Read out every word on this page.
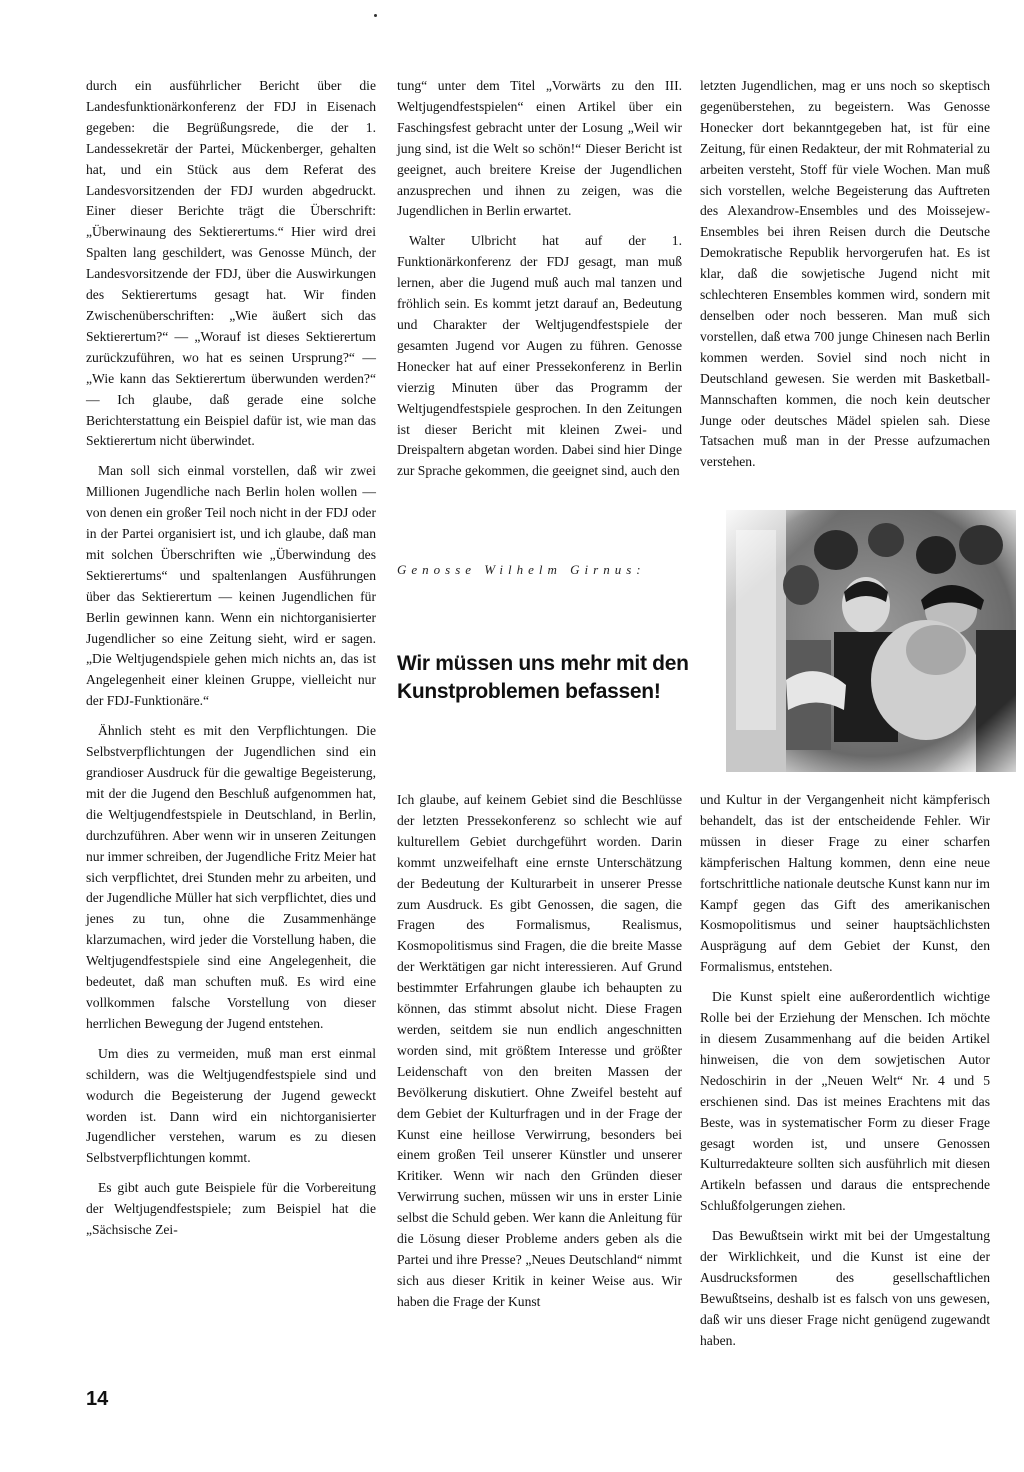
durch ein ausführlicher Bericht über die Landesfunktionärkonferenz der FDJ in Eisenach gegeben: die Begrüßungsrede, die der 1. Landessekretär der Partei, Mückenberger, gehalten hat, und ein Stück aus dem Referat des Landesvorsitzenden der FDJ wurden abgedruckt. Einer dieser Berichte trägt die Überschrift: „Überwinaung des Sektierertums.“ Hier wird drei Spalten lang geschildert, was Genosse Münch, der Landesvorsitzende der FDJ, über die Auswirkungen des Sektierertums gesagt hat. Wir finden Zwischenüberschriften: „Wie äußert sich das Sektierertum?“ — „Worauf ist dieses Sektierertum zurückzuführen, wo hat es seinen Ursprung?“ — „Wie kann das Sektierertum überwunden werden?“ — Ich glaube, daß gerade eine solche Berichterstattung ein Beispiel dafür ist, wie man das Sektierertum nicht überwindet.

Man soll sich einmal vorstellen, daß wir zwei Millionen Jugendliche nach Berlin holen wollen — von denen ein großer Teil noch nicht in der FDJ oder in der Partei organisiert ist, und ich glaube, daß man mit solchen Überschriften wie „Überwindung des Sektierertums“ und spaltenlangen Ausführungen über das Sektierertum — keinen Jugendlichen für Berlin gewinnen kann. Wenn ein nichtorganisierter Jugendlicher so eine Zeitung sieht, wird er sagen. „Die Weltjugendspiele gehen mich nichts an, das ist Angelegenheit einer kleinen Gruppe, vielleicht nur der FDJ-Funktionäre.“

Ähnlich steht es mit den Verpflichtungen. Die Selbstverpflichtungen der Jugendlichen sind ein grandioser Ausdruck für die gewaltige Begeisterung, mit der die Jugend den Beschluß aufgenommen hat, die Weltjugendfestspiele in Deutschland, in Berlin, durchzuführen. Aber wenn wir in unseren Zeitungen nur immer schreiben, der Jugendliche Fritz Meier hat sich verpflichtet, drei Stunden mehr zu arbeiten, und der Jugendliche Müller hat sich verpflichtet, dies und jenes zu tun, ohne die Zusammenhänge klarzumachen, wird jeder die Vorstellung haben, die Weltjugendfestspiele sind eine Angelegenheit, die bedeutet, daß man schuften muß. Es wird eine vollkommen falsche Vorstellung von dieser herrlichen Bewegung der Jugend entstehen.

Um dies zu vermeiden, muß man erst einmal schildern, was die Weltjugendfestspiele sind und wodurch die Begeisterung der Jugend geweckt worden ist. Dann wird ein nichtorganisierter Jugendlicher verstehen, warum es zu diesen Selbstverpflichtungen kommt.

Es gibt auch gute Beispiele für die Vorbereitung der Weltjugendfestspiele; zum Beispiel hat die „Sächsische Zei-

tung“ unter dem Titel „Vorwärts zu den III. Weltjugendfestspielen“ einen Artikel über ein Faschingsfest gebracht unter der Losung „Weil wir jung sind, ist die Welt so schön!“ Dieser Bericht ist geeignet, auch breitere Kreise der Jugendlichen anzusprechen und ihnen zu zeigen, was die Jugendlichen in Berlin erwartet.

Walter Ulbricht hat auf der 1. Funktionärkonferenz der FDJ gesagt, man muß lernen, aber die Jugend muß auch mal tanzen und fröhlich sein. Es kommt jetzt darauf an, Bedeutung und Charakter der Weltjugendfestspiele der gesamten Jugend vor Augen zu führen. Genosse Honecker hat auf einer Pressekonferenz in Berlin vierzig Minuten über das Programm der Weltjugendfestspiele gesprochen. In den Zeitungen ist dieser Bericht mit kleinen Zwei- und Dreispaltern abgetan worden. Dabei sind hier Dinge zur Sprache gekommen, die geeignet sind, auch den

letzten Jugendlichen, mag er uns noch so skeptisch gegenüberstehen, zu begeistern. Was Genosse Honecker dort bekanntgegeben hat, ist für eine Zeitung, für einen Redakteur, der mit Rohmaterial zu arbeiten versteht, Stoff für viele Wochen. Man muß sich vorstellen, welche Begeisterung das Auftreten des Alexandrow-Ensembles und des Moissejew-Ensembles bei ihren Reisen durch die Deutsche Demokratische Republik hervorgerufen hat. Es ist klar, daß die sowjetische Jugend nicht mit schlechteren Ensembles kommen wird, sondern mit denselben oder noch besseren. Man muß sich vorstellen, daß etwa 700 junge Chinesen nach Berlin kommen werden. Soviel sind noch nicht in Deutschland gewesen. Sie werden mit Basketball-Mannschaften kommen, die noch kein deutscher Junge oder deutsches Mädel spielen sah. Diese Tatsachen muß man in der Presse aufzumachen verstehen.

Genosse Wilhelm Girnus:
Wir müssen uns mehr mit den Kunstproblemen befassen!

Ich glaube, auf keinem Gebiet sind die Beschlüsse der letzten Pressekonferenz so schlecht wie auf kulturellem Gebiet durchgeführt worden. Darin kommt unzweifelhaft eine ernste Unterschätzung der Bedeutung der Kulturarbeit in unserer Presse zum Ausdruck. Es gibt Genossen, die sagen, die Fragen des Formalismus, Realismus, Kosmopolitismus sind Fragen, die die breite Masse der Werktätigen gar nicht interessieren. Auf Grund bestimmter Erfahrungen glaube ich behaupten zu können, das stimmt absolut nicht. Diese Fragen werden, seitdem sie nun endlich angeschnitten worden sind, mit größtem Interesse und größter Leidenschaft von den breiten Massen der Bevölkerung diskutiert. Ohne Zweifel besteht auf dem Gebiet der Kulturfragen und in der Frage der Kunst eine heillose Verwirrung, besonders bei einem großen Teil unserer Künstler und unserer Kritiker. Wenn wir nach den Gründen dieser Verwirrung suchen, müssen wir uns in erster Linie selbst die Schuld geben. Wer kann die Anleitung für die Lösung dieser Probleme anders geben als die Partei und ihre Presse? „Neues Deutschland“ nimmt sich aus dieser Kritik in keiner Weise aus. Wir haben die Frage der Kunst

und Kultur in der Vergangenheit nicht kämpferisch behandelt, das ist der entscheidende Fehler. Wir müssen in dieser Frage zu einer scharfen kämpferischen Haltung kommen, denn eine neue fortschrittliche nationale deutsche Kunst kann nur im Kampf gegen das Gift des amerikanischen Kosmopolitismus und seiner hauptsächlichsten Ausprägung auf dem Gebiet der Kunst, den Formalismus, entstehen.

Die Kunst spielt eine außerordentlich wichtige Rolle bei der Erziehung der Menschen. Ich möchte in diesem Zusammenhang auf die beiden Artikel hinweisen, die von dem sowjetischen Autor Nedoschirin in der „Neuen Welt“ Nr. 4 und 5 erschienen sind. Das ist meines Erachtens mit das Beste, was in systematischer Form zu dieser Frage gesagt worden ist, und unsere Genossen Kulturredakteure sollten sich ausführlich mit diesen Artikeln befassen und daraus die entsprechende Schlußfolgerungen ziehen.

Das Bewußtsein wirkt mit bei der Umgestaltung der Wirklichkeit, und die Kunst ist eine der Ausdrucksformen des gesellschaftlichen Bewußtseins, deshalb ist es falsch von uns gewesen, daß wir uns dieser Frage nicht genügend zugewandt haben.

14
